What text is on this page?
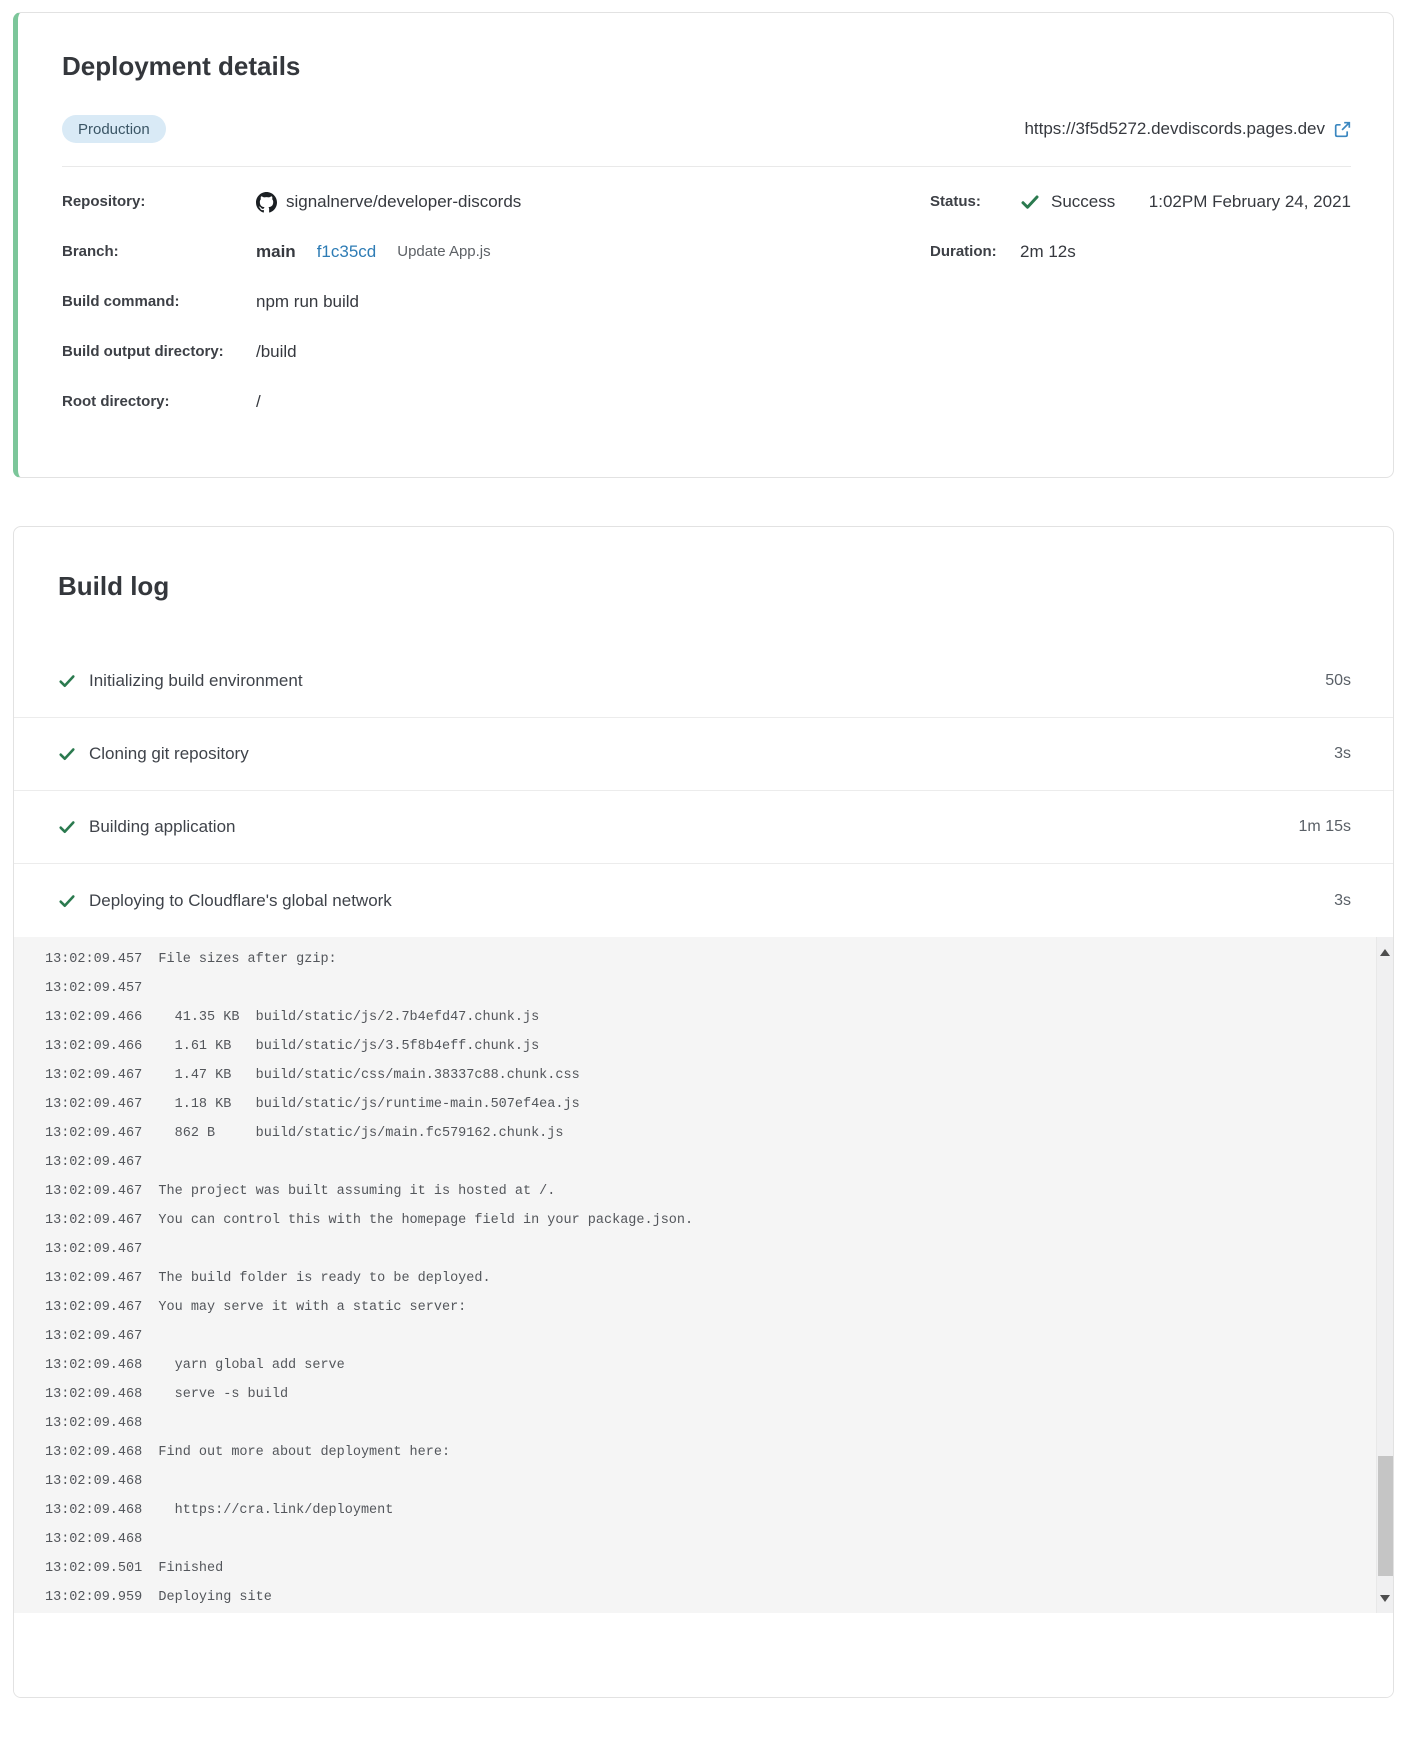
Deployment details
Production	https://3f5d5272.devdiscords.pages.dev
Repository:	signalnerve/developer-discords
Branch:	main f1c35cd Update App.js
Build command:	npm run build
Build output directory:	/build
Root directory:	/
Status:	Success 1:02PM February 24, 2021
Duration:	2m 12s
Build log
Initializing build environment	50s
Cloning git repository	3s
Building application	1m 15s
Deploying to Cloudflare's global network	3s
13:02:09.457  File sizes after gzip:
13:02:09.457
13:02:09.466    41.35 KB  build/static/js/2.7b4efd47.chunk.js
13:02:09.466    1.61 KB   build/static/js/3.5f8b4eff.chunk.js
13:02:09.467    1.47 KB   build/static/css/main.38337c88.chunk.css
13:02:09.467    1.18 KB   build/static/js/runtime-main.507ef4ea.js
13:02:09.467    862 B     build/static/js/main.fc579162.chunk.js
13:02:09.467
13:02:09.467  The project was built assuming it is hosted at /.
13:02:09.467  You can control this with the homepage field in your package.json.
13:02:09.467
13:02:09.467  The build folder is ready to be deployed.
13:02:09.467  You may serve it with a static server:
13:02:09.467
13:02:09.468    yarn global add serve
13:02:09.468    serve -s build
13:02:09.468
13:02:09.468  Find out more about deployment here:
13:02:09.468
13:02:09.468    https://cra.link/deployment
13:02:09.468
13:02:09.501  Finished
13:02:09.959  Deploying site
